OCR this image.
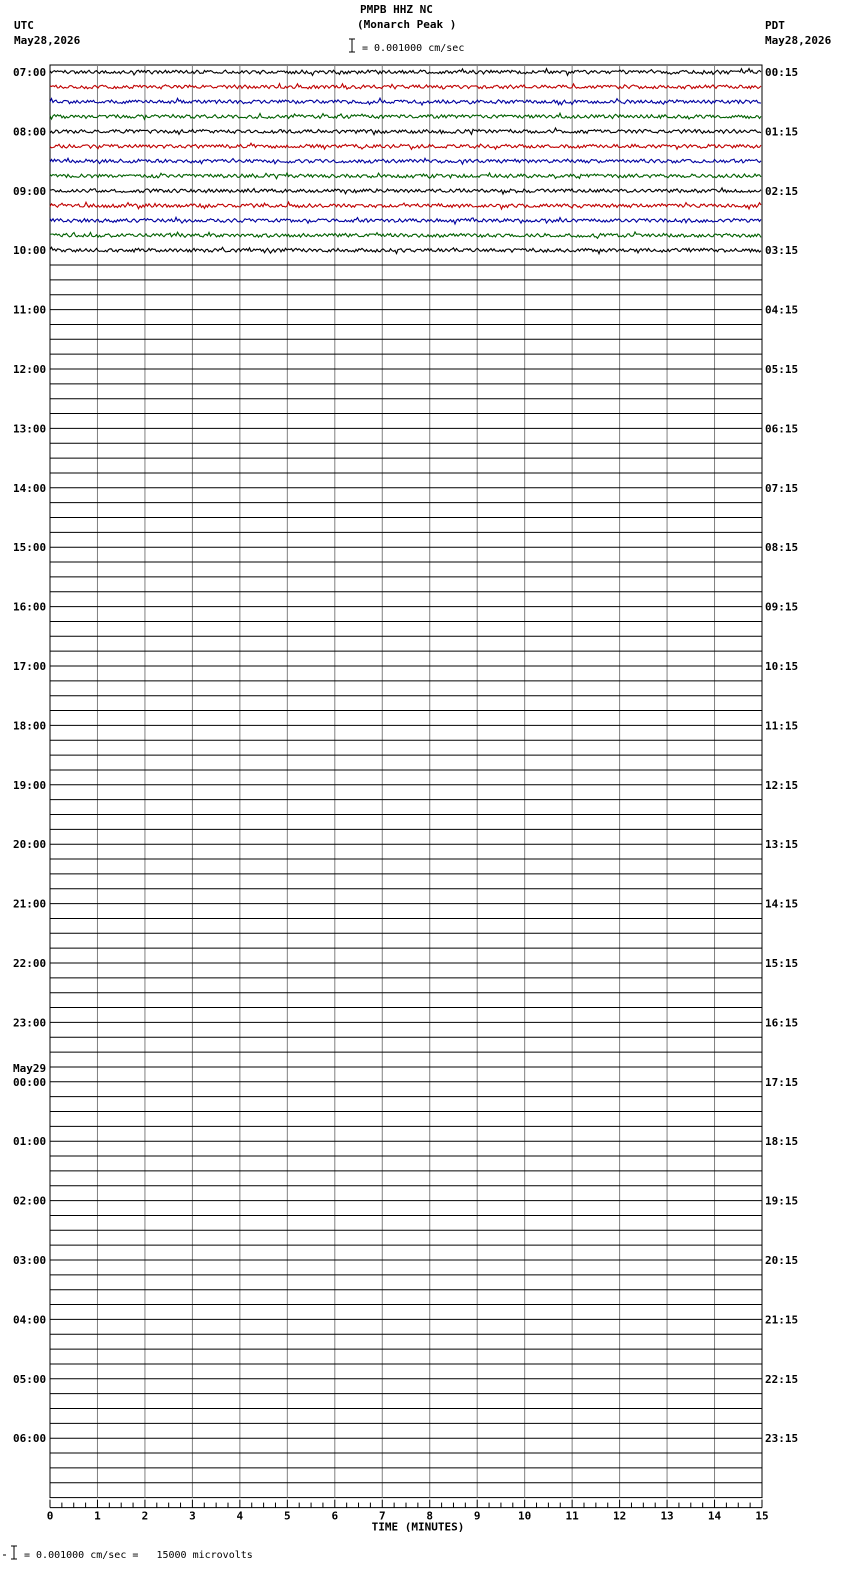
PMPB HHZ NC
(Monarch Peak )
UTC
May28,2026
PDT
May28,2026
= 0.001000 cm/sec
= 0.001000 cm/sec =   15000 microvolts
07:00	00:15
08:00	01:15
09:00	02:15
10:00	03:15
11:00	04:15
12:00	05:15
13:00	06:15
14:00	07:15
15:00	08:15
16:00	09:15
17:00	10:15
18:00	11:15
19:00	12:15
20:00	13:15
21:00	14:15
22:00	15:15
23:00	16:15
00:00	17:15
May29
01:00	18:15
02:00	19:15
03:00	20:15
04:00	21:15
05:00	22:15
06:00	23:15
0	1	2	3	4	5	6	7	8	9	10	11	12	13	14	15
TIME (MINUTES)
